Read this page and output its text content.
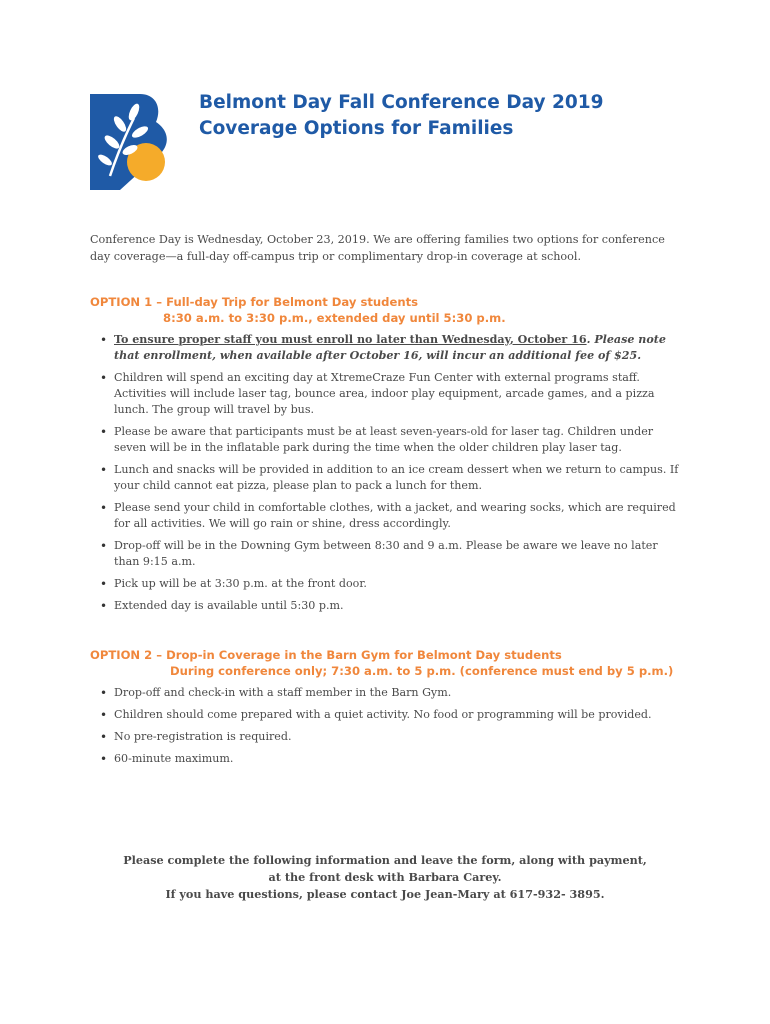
Belmont Day Fall Conference Day 2019
Coverage Options for Families

Conference Day is Wednesday, October 23, 2019. We are offering families two options for conference day coverage—a full-day off-campus trip or complimentary drop-in coverage at school.

OPTION 1 – Full-day Trip for Belmont Day students
8:30 a.m. to 3:30 p.m., extended day until 5:30 p.m.
• To ensure proper staff you must enroll no later than Wednesday, October 16. Please note that enrollment, when available after October 16, will incur an additional fee of $25.
• Children will spend an exciting day at XtremeCraze Fun Center with external programs staff. Activities will include laser tag, bounce area, indoor play equipment, arcade games, and a pizza lunch. The group will travel by bus.
• Please be aware that participants must be at least seven-years-old for laser tag. Children under seven will be in the inflatable park during the time when the older children play laser tag.
• Lunch and snacks will be provided in addition to an ice cream dessert when we return to campus. If your child cannot eat pizza, please plan to pack a lunch for them.
• Please send your child in comfortable clothes, with a jacket, and wearing socks, which are required for all activities. We will go rain or shine, dress accordingly.
• Drop-off will be in the Downing Gym between 8:30 and 9 a.m. Please be aware we leave no later than 9:15 a.m.
• Pick up will be at 3:30 p.m. at the front door.
• Extended day is available until 5:30 p.m.
OPTION 2 – Drop-in Coverage in the Barn Gym for Belmont Day students
During conference only; 7:30 a.m. to 5 p.m. (conference must end by 5 p.m.)
• Drop-off and check-in with a staff member in the Barn Gym.
• Children should come prepared with a quiet activity. No food or programming will be provided.
• No pre-registration is required.
• 60-minute maximum.

Please complete the following information and leave the form, along with payment,
at the front desk with Barbara Carey.
If you have questions, please contact Joe Jean-Mary at 617-932- 3895.
